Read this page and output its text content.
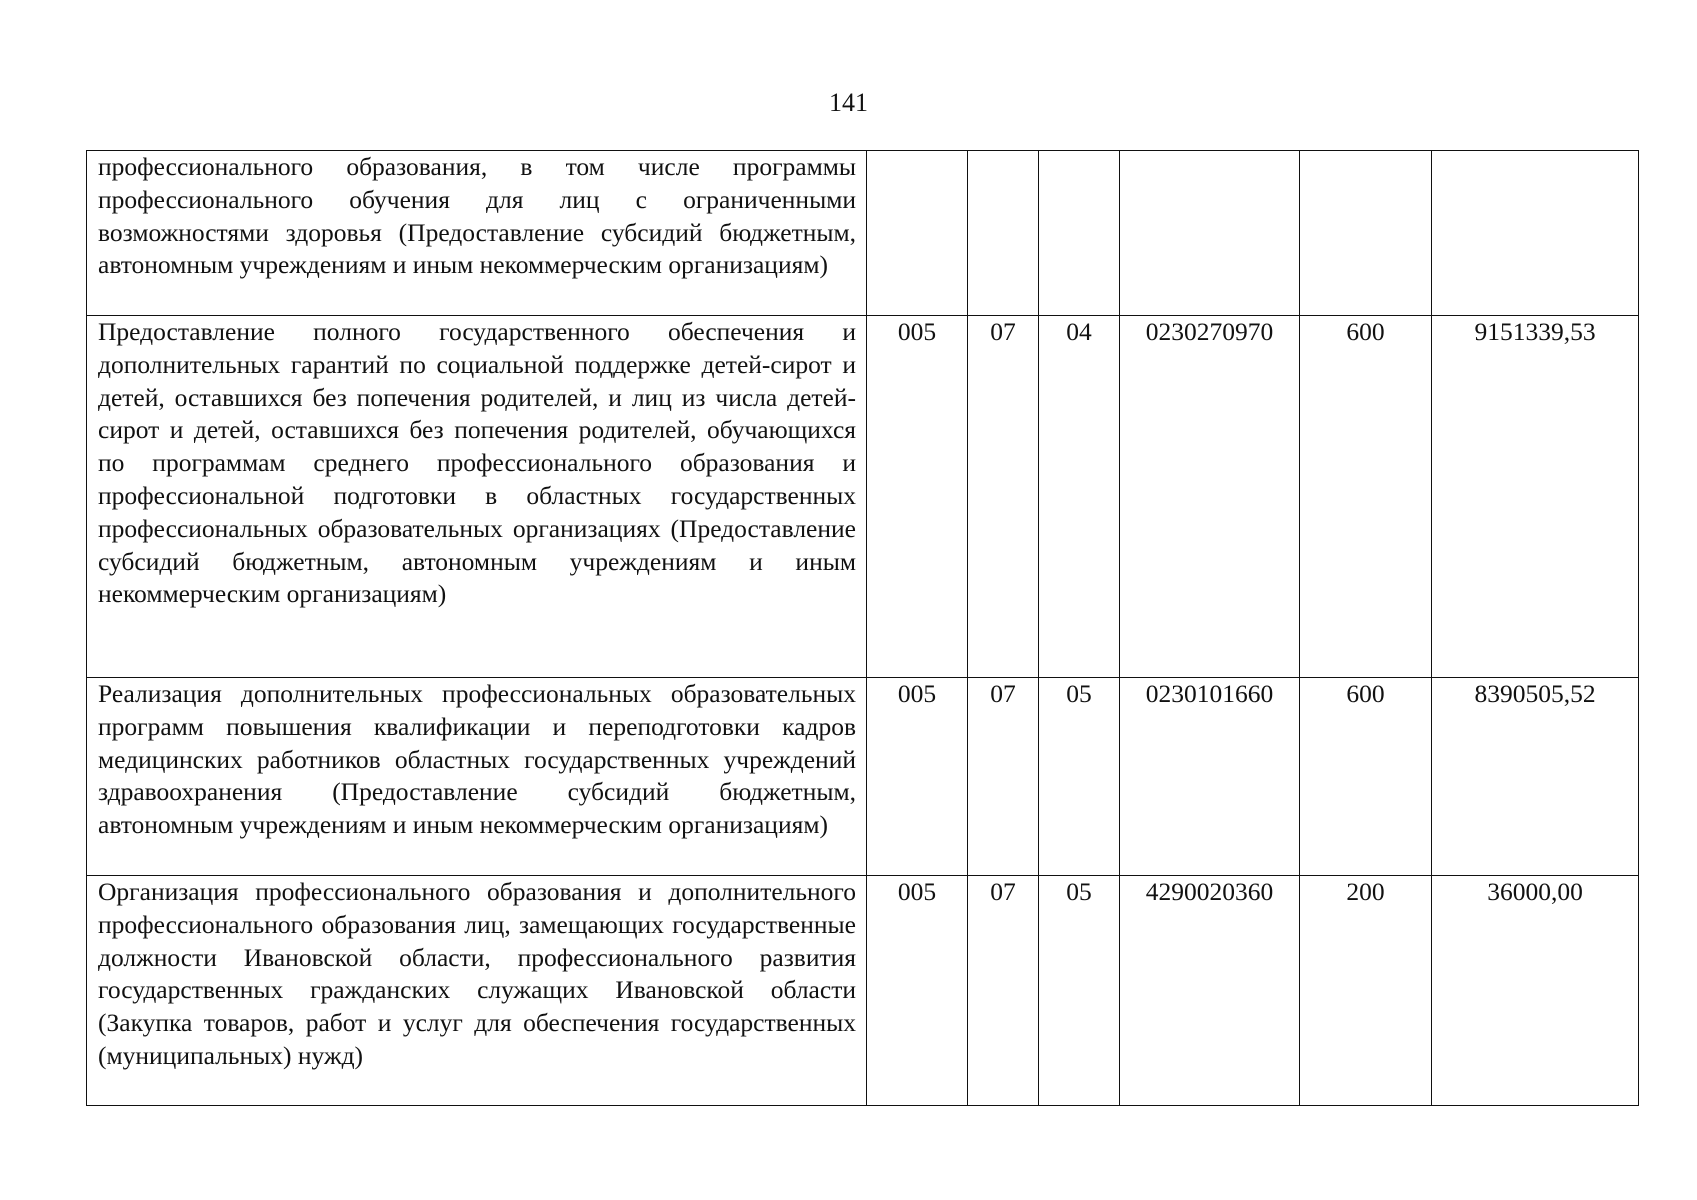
141
профессионального образования, в том числе программы профессионального обучения для лиц с ограниченными возможностями здоровья (Предоставление субсидий бюджетным, автономным учреждениям и иным некоммерческим организациям)						
Предоставление полного государственного обеспечения и дополнительных гарантий по социальной поддержке детей-сирот и детей, оставшихся без попечения родителей, и лиц из числа детей-сирот и детей, оставшихся без попечения родителей, обучающихся по программам среднего профессионального образования и профессиональной подготовки в областных государственных профессиональных образовательных организациях (Предоставление субсидий бюджетным, автономным учреждениям и иным некоммерческим организациям)	005	07	04	0230270970	600	9151339,53
Реализация дополнительных профессиональных образовательных программ повышения квалификации и переподготовки кадров медицинских работников областных государственных учреждений здравоохранения (Предоставление субсидий бюджетным, автономным учреждениям и иным некоммерческим организациям)	005	07	05	0230101660	600	8390505,52
Организация профессионального образования и дополнительного профессионального образования лиц, замещающих государственные должности Ивановской области, профессионального развития государственных гражданских служащих Ивановской области (Закупка товаров, работ и услуг для обеспечения государственных (муниципальных) нужд)	005	07	05	4290020360	200	36000,00
